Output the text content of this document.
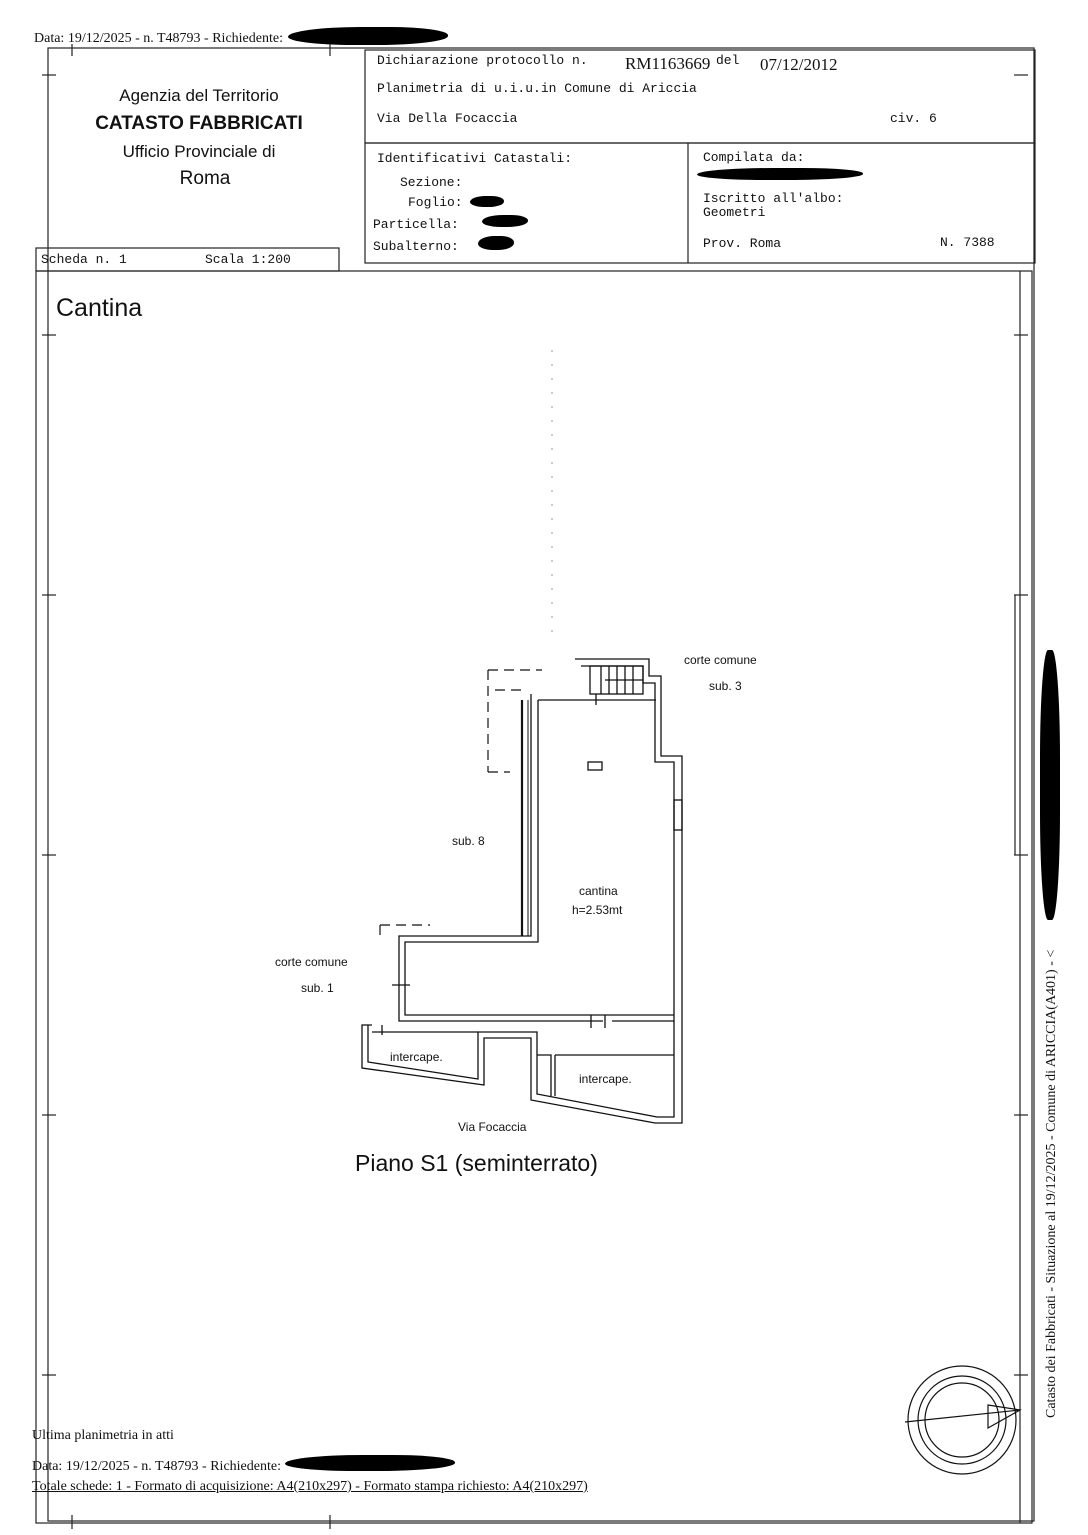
Data: 19/12/2025 - n. T48793 - Richiedente:
Agenzia del Territorio
CATASTO FABBRICATI
Ufficio Provinciale di
Roma
Dichiarazione protocollo n. RM1163669 del 07/12/2012
Planimetria di u.i.u.in Comune di Ariccia
Via Della Focaccia	civ. 6
Identificativi Catastali:
Sezione:
Foglio:
Particella:
Subalterno:
Compilata da:
Iscritto all'albo:
Geometri
Prov. Roma	N. 7388
Scheda n. 1	Scala 1:200
Cantina
corte comune
sub. 3
sub. 8
cantina
h=2.53mt
corte comune
sub. 1
intercape.
intercape.
Via Focaccia
Piano S1 (seminterrato)
Ultima planimetria in atti
Data: 19/12/2025 - n. T48793 - Richiedente:
Totale schede: 1 - Formato di acquisizione: A4(210x297) - Formato stampa richiesto: A4(210x297)
Catasto dei Fabbricati - Situazione al 19/12/2025 - Comune di ARICCIA(A401) - <
